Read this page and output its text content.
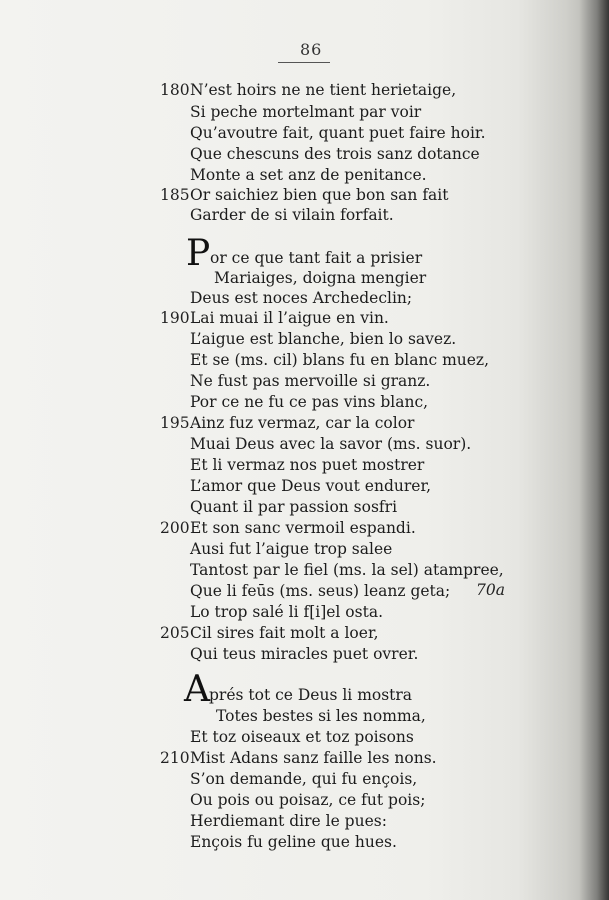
86
180 N’est hoirs ne ne tient herietaige,
Si peche mortelmant par voir
Qu’avoutre fait, quant puet faire hoir.
Que chescuns des trois sanz dotance
Monte a set anz de penitance.
185 Or saichiez bien que bon san fait
Garder de si vilain forfait.
P or ce que tant fait a prisier
Mariaiges, doigna mengier
Deus est noces Archedeclin;
190 Lai muai il l’aigue en vin.
L’aigue est blanche, bien lo savez.
Et se (ms. cil) blans fu en blanc muez,
Ne fust pas mervoille si granz.
Por ce ne fu ce pas vins blanc,
195 Ainz fuz vermaz, car la color
Muai Deus avec la savor (ms. suor).
Et li vermaz nos puet mostrer
L’amor que Deus vout endurer,
Quant il par passion sosfri
200 Et son sanc vermoil espandi.
Ausi fut l’aigue trop salee
Tantost par le fiel (ms. la sel) atampree,
Que li feūs (ms. seus) leanz geta; 70a
Lo trop salé li f[i]el osta.
205 Cil sires fait molt a loer,
Qui teus miracles puet ovrer.
A prés tot ce Deus li mostra
Totes bestes si les nomma,
Et toz oiseaux et toz poisons
210 Mist Adans sanz faille les nons.
S’on demande, qui fu ençois,
Ou pois ou poisaz, ce fut pois;
Herdiemant dire le pues:
Ençois fu geline que hues.
